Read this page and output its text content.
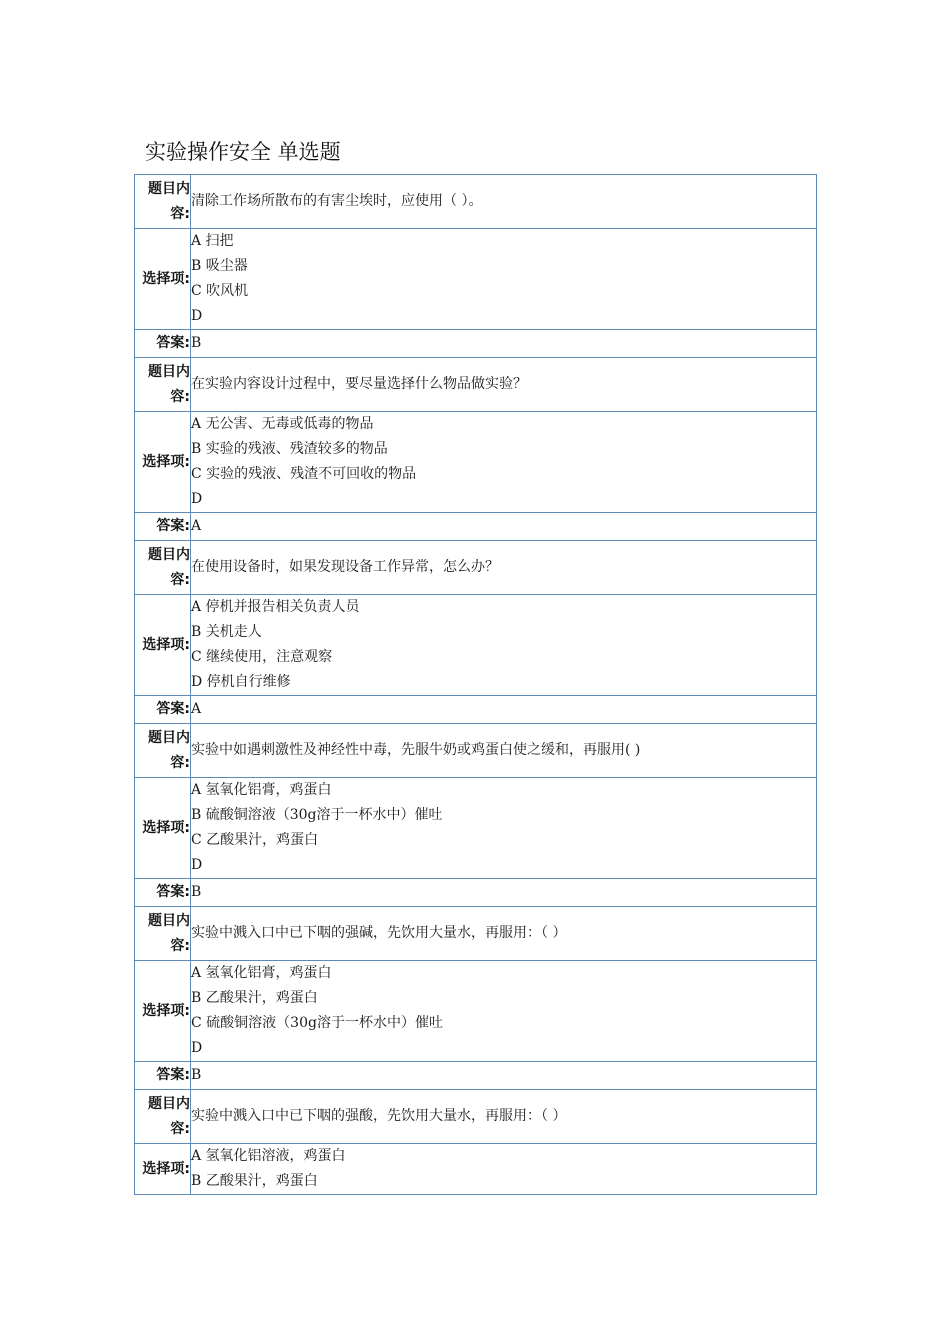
实验操作安全 单选题
题目内容:	清除工作场所散布的有害尘埃时，应使用（ ）。
选择项:	A 扫把
B 吸尘器
C 吹风机
D

答案:	B
题目内容:	在实验内容设计过程中，要尽量选择什么物品做实验？
选择项:	A 无公害、无毒或低毒的物品
B 实验的残液、残渣较多的物品
C 实验的残液、残渣不可回收的物品
D

答案:	A
题目内容:	在使用设备时，如果发现设备工作异常，怎么办？
选择项:	A 停机并报告相关负责人员
B 关机走人
C 继续使用，注意观察
D 停机自行维修

答案:	A
题目内容:	实验中如遇刺激性及神经性中毒，先服牛奶或鸡蛋白使之缓和，再服用( )
选择项:	A 氢氧化铝膏，鸡蛋白
B 硫酸铜溶液（30g溶于一杯水中）催吐
C 乙酸果汁，鸡蛋白
D

答案:	B
题目内容:	实验中溅入口中已下咽的强碱，先饮用大量水，再服用：（ ）
选择项:	A 氢氧化铝膏，鸡蛋白
B 乙酸果汁，鸡蛋白
C 硫酸铜溶液（30g溶于一杯水中）催吐
D

答案:	B
题目内容:	实验中溅入口中已下咽的强酸，先饮用大量水，再服用：（ ）
选择项:	A 氢氧化铝溶液，鸡蛋白
B 乙酸果汁，鸡蛋白
